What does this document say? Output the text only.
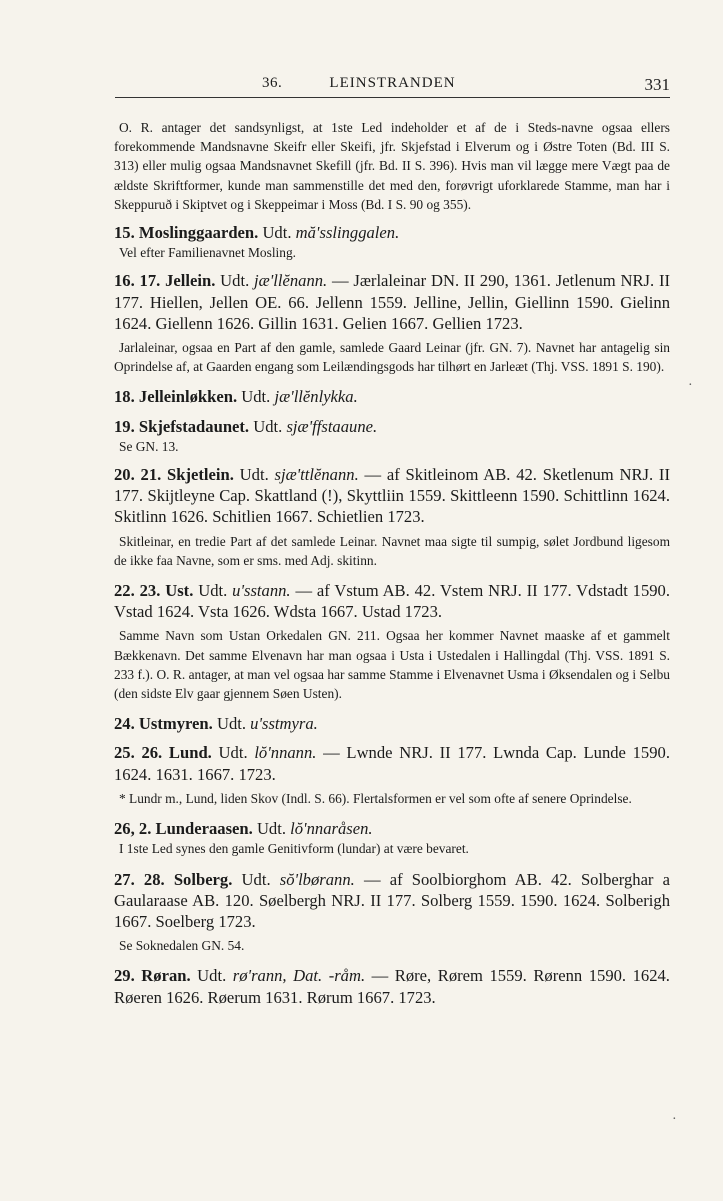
36.	LEINSTRANDEN	331

O. R. antager det sandsynligst, at 1ste Led indeholder et af de i Steds-navne ogsaa ellers forekommende Mandsnavne Skeifr eller Skeifi, jfr. Skjefstad i Elverum og i Østre Toten (Bd. III S. 313) eller mulig ogsaa Mandsnavnet Skefill (jfr. Bd. II S. 396). Hvis man vil lægge mere Vægt paa de ældste Skriftformer, kunde man sammenstille det med den, forøvrigt uforklarede Stamme, man har i Skeppuruð i Skiptvet og i Skeppeimar i Moss (Bd. I S. 90 og 355).

15. Moslinggaarden. Udt. mă'sslinggalen.

Vel efter Familienavnet Mosling.

16. 17. Jellein. Udt. jæ'llĕnann. — Jærlaleinar DN. II 290, 1361. Jetlenum NRJ. II 177. Hiellen, Jellen OE. 66. Jellenn 1559. Jelline, Jellin, Giellinn 1590. Gielinn 1624. Giellenn 1626. Gillin 1631. Gelien 1667. Gellien 1723.

Jarlaleinar, ogsaa en Part af den gamle, samlede Gaard Leinar (jfr. GN. 7). Navnet har antagelig sin Oprindelse af, at Gaarden engang som Leilændingsgods har tilhørt en Jarleæt (Thj. VSS. 1891 S. 190).

18. Jelleinløkken. Udt. jæ'llĕnlykka.

19. Skjefstadaunet. Udt. sjæ'ffstaaune.

Se GN. 13.

20. 21. Skjetlein. Udt. sjæ'ttlĕnann. — af Skitleinom AB. 42. Sketlenum NRJ. II 177. Skijtleyne Cap. Skattland (!), Skyttliin 1559. Skittleenn 1590. Schittlinn 1624. Skitlinn 1626. Schitlien 1667. Schietlien 1723.

Skitleinar, en tredie Part af det samlede Leinar. Navnet maa sigte til sumpig, sølet Jordbund ligesom de ikke faa Navne, som er sms. med Adj. skitinn.

22. 23. Ust. Udt. u'sstann. — af Vstum AB. 42. Vstem NRJ. II 177. Vdstadt 1590. Vstad 1624. Vsta 1626. Wdsta 1667. Ustad 1723.

Samme Navn som Ustan Orkedalen GN. 211. Ogsaa her kommer Navnet maaske af et gammelt Bækkenavn. Det samme Elvenavn har man ogsaa i Usta i Ustedalen i Hallingdal (Thj. VSS. 1891 S. 233 f.). O. R. antager, at man vel ogsaa har samme Stamme i Elvenavnet Usma i Øksendalen og i Selbu (den sidste Elv gaar gjennem Søen Usten).

24. Ustmyren. Udt. u'sstmyra.

25. 26. Lund. Udt. lŏ'nnann. — Lwnde NRJ. II 177. Lwnda Cap. Lunde 1590. 1624. 1631. 1667. 1723.

* Lundr m., Lund, liden Skov (Indl. S. 66). Flertalsformen er vel som ofte af senere Oprindelse.

26, 2. Lunderaasen. Udt. lŏ'nnaråsen.

I 1ste Led synes den gamle Genitivform (lundar) at være bevaret.

27. 28. Solberg. Udt. sŏ'lbørann. — af Soolbiorghom AB. 42. Solberghar a Gaularaase AB. 120. Søelbergh NRJ. II 177. Solberg 1559. 1590. 1624. Solberigh 1667. Soelberg 1723.

Se Soknedalen GN. 54.

29. Røran. Udt. rø'rann, Dat. -råm. — Røre, Rørem 1559. Rørenn 1590. 1624. Røeren 1626. Røerum 1631. Rørum 1667. 1723.

·
·
